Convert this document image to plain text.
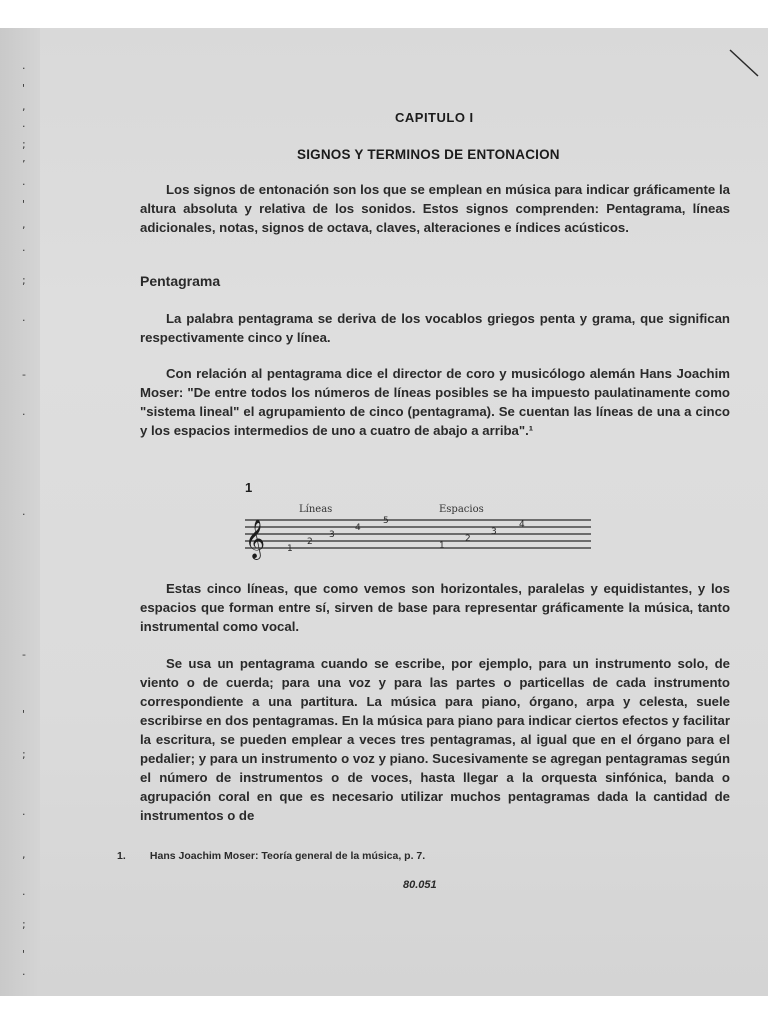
·
'
,
·
;
ʼ
·
'
,
·
;
·
-
·
·
-
'
;
·
,
·
;
'
·
CAPITULO I
SIGNOS Y TERMINOS DE ENTONACION
Los signos de entonación son los que se emplean en música para indicar gráficamente la altura absoluta y relativa de los sonidos. Estos signos comprenden: Pentagrama, líneas adicionales, notas, signos de octava, claves, alteraciones e índices acústicos.
Pentagrama
La palabra pentagrama se deriva de los vocablos griegos penta y grama, que significan respectivamente cinco y línea.
Con relación al pentagrama dice el director de coro y musicólogo alemán Hans Joachim Moser: "De entre todos los números de líneas posibles se ha impuesto paulatinamente como "sistema lineal" el agrupamiento de cinco (pentagrama). Se cuentan las líneas de una a cinco y los espacios intermedios de uno a cuatro de abajo a arriba".¹
1
Líneas	Espacios
𝄞 1
2
3
4
5
1
2
3
4
Estas cinco líneas, que como vemos son horizontales, paralelas y equidistantes, y los espacios que forman entre sí, sirven de base para representar gráficamente la música, tanto instrumental como vocal.
Se usa un pentagrama cuando se escribe, por ejemplo, para un instrumento solo, de viento o de cuerda; para una voz y para las partes o particellas de cada instrumento correspondiente a una partitura. La música para piano, órgano, arpa y celesta, suele escribirse en dos pentagramas. En la música para piano para indicar ciertos efectos y facilitar la escritura, se pueden emplear a veces tres pentagramas, al igual que en el órgano para el pedalier; y para un instrumento o voz y piano. Sucesivamente se agregan pentagramas según el número de instrumentos o de voces, hasta llegar a la orquesta sinfónica, banda o agrupación coral en que es necesario utilizar muchos pentagramas dada la cantidad de instrumentos o de
1. Hans Joachim Moser: Teoría general de la música, p. 7.
80.051
